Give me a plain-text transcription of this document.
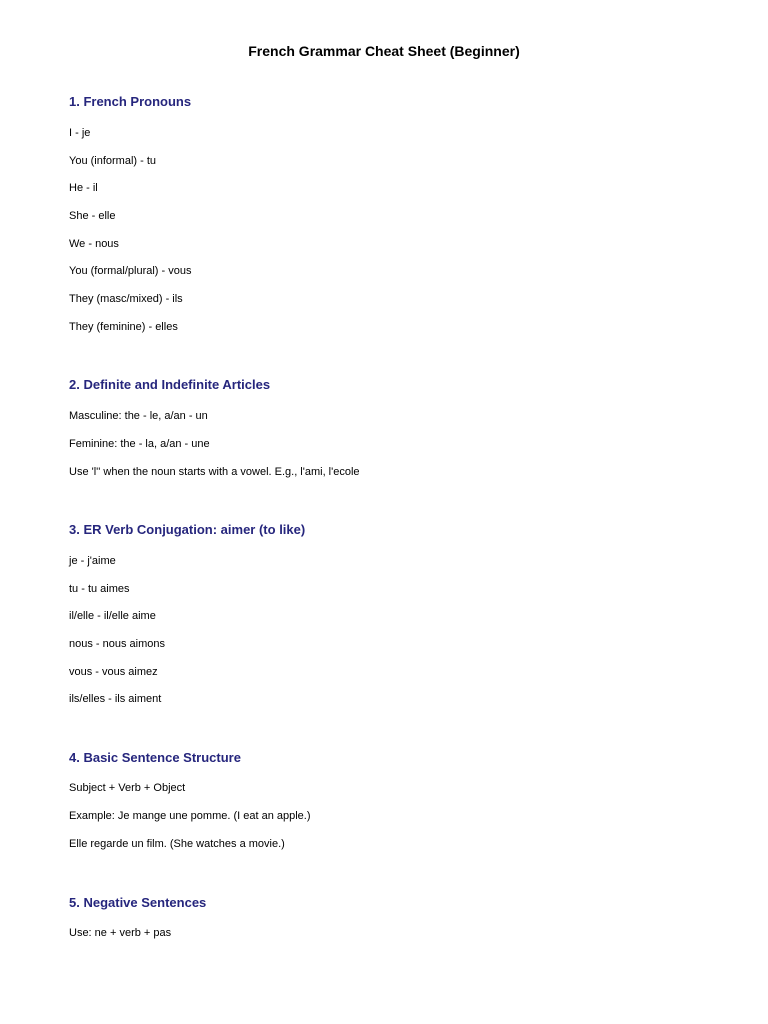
French Grammar Cheat Sheet (Beginner)
1. French Pronouns

I - je

You (informal) - tu

He - il

She - elle

We - nous

You (formal/plural) - vous

They (masc/mixed) - ils

They (feminine) - elles

2. Definite and Indefinite Articles

Masculine: the - le, a/an - un

Feminine: the - la, a/an - une

Use 'l'' when the noun starts with a vowel. E.g., l'ami, l'ecole

3. ER Verb Conjugation: aimer (to like)

je - j'aime

tu - tu aimes

il/elle - il/elle aime

nous - nous aimons

vous - vous aimez

ils/elles - ils aiment

4. Basic Sentence Structure

Subject + Verb + Object

Example: Je mange une pomme. (I eat an apple.)

Elle regarde un film. (She watches a movie.)

5. Negative Sentences

Use: ne + verb + pas
